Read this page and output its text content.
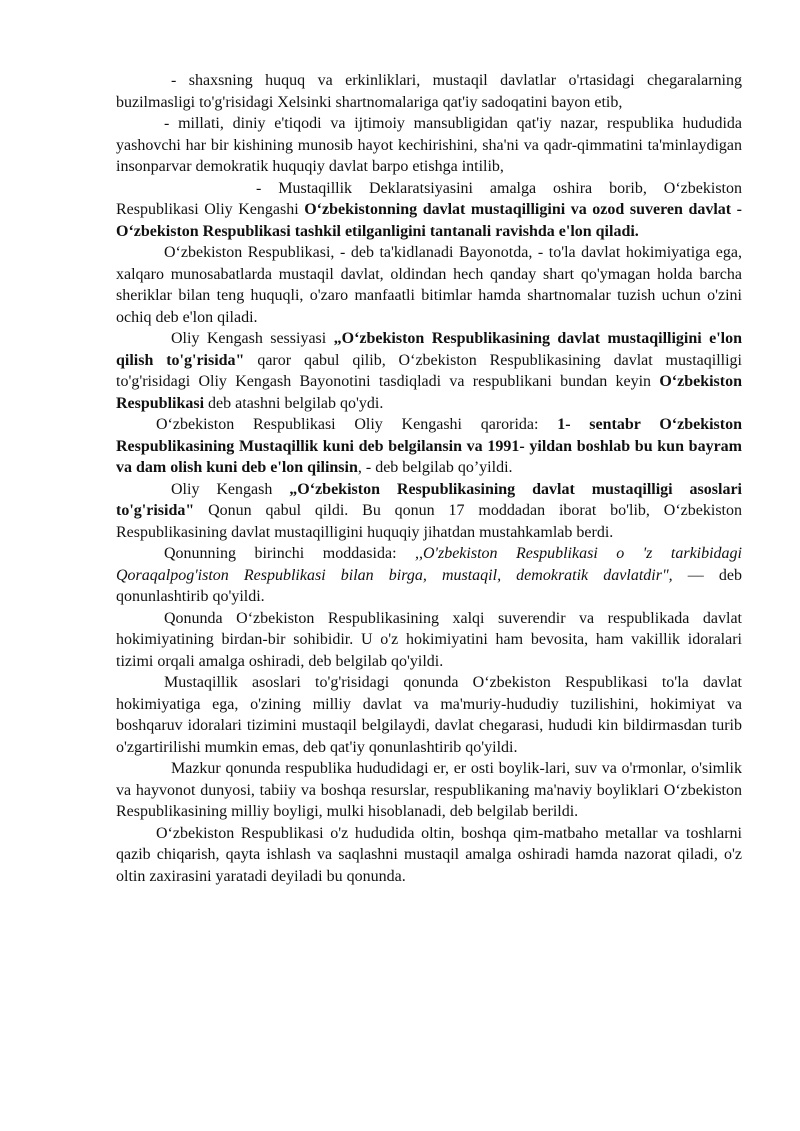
- shaxsning huquq va erkinliklari, mustaqil davlatlar o'rtasidagi chegaralarning buzilmasligi to'g'risidagi Xelsinki shartnomalariga qat'iy sadoqatini bayon etib,

- millati, diniy e'tiqodi va ijtimoiy mansubligidan qat'iy nazar, respublika hududida yashovchi har bir kishining munosib hayot kechirishini, sha'ni va qadr-qimmatini ta'minlaydigan insonparvar demokratik huquqiy davlat barpo etishga intilib,

- Mustaqillik Deklaratsiyasini amalga oshira borib, O‘zbekiston Respublikasi Oliy Kengashi O‘zbekistonning davlat mustaqilligini va ozod suveren davlat - O‘zbekiston Respublikasi tashkil etilganligini tantanali ravishda e'lon qiladi.

O‘zbekiston Respublikasi, - deb ta'kidlanadi Bayonotda, - to'la davlat hokimiyatiga ega, xalqaro munosabatlarda mustaqil davlat, oldindan hech qanday shart qo'ymagan holda barcha sheriklar bilan teng huquqli, o'zaro manfaatli bitimlar hamda shartnomalar tuzish uchun o'zini ochiq deb e'lon qiladi.

Oliy Kengash sessiyasi „O‘zbekiston Respublikasining davlat mustaqilligini e'lon qilish to'g'risida" qaror qabul qilib, O‘zbekiston Respublikasining davlat mustaqilligi to'g'risidagi Oliy Kengash Bayonotini tasdiqladi va respublikani bundan keyin O‘zbekiston Respublikasi deb atashni belgilab qo'ydi.

O‘zbekiston Respublikasi Oliy Kengashi qarorida: 1- sentabr O‘zbekiston Respublikasining Mustaqillik kuni deb belgilansin va 1991- yildan boshlab bu kun bayram va dam olish kuni deb e'lon qilinsin, - deb belgilab qo’yildi.

Oliy Kengash „O‘zbekiston Respublikasining davlat mustaqilligi asoslari to'g'risida" Qonun qabul qildi. Bu qonun 17 moddadan iborat bo'lib, O‘zbekiston Respublikasining davlat mustaqilligini huquqiy jihatdan mustahkamlab berdi.

Qonunning birinchi moddasida: ,,O'zbekiston Respublikasi o 'z tarkibidagi Qoraqalpog'iston Respublikasi bilan birga, mustaqil, demokratik davlatdir", — deb qonunlashtirib qo'yildi.

Qonunda O‘zbekiston Respublikasining xalqi suverendir va respublikada davlat hokimiyatining birdan-bir sohibidir. U o'z hokimiyatini ham bevosita, ham vakillik idoralari tizimi orqali amalga oshiradi, deb belgilab qo'yildi.

Mustaqillik asoslari to'g'risidagi qonunda O‘zbekiston Respublikasi to'la davlat hokimiyatiga ega, o'zining milliy davlat va ma'muriy-hududiy tuzilishini, hokimiyat va boshqaruv idoralari tizimini mustaqil belgilaydi, davlat chegarasi, hududi kin bildirmasdan turib o'zgartirilishi mumkin emas, deb qat'iy qonunlashtirib qo'yildi.

Mazkur qonunda respublika hududidagi er, er osti boylik-lari, suv va o'rmonlar, o'simlik va hayvonot dunyosi, tabiiy va boshqa resurslar, respublikaning ma'naviy boyliklari O‘zbekiston Respublikasining milliy boyligi, mulki hisoblanadi, deb belgilab berildi.

O‘zbekiston Respublikasi o'z hududida oltin, boshqa qim-matbaho metallar va toshlarni qazib chiqarish, qayta ishlash va saqlashni mustaqil amalga oshiradi hamda nazorat qiladi, o'z oltin zaxirasini yaratadi deyiladi bu qonunda.
